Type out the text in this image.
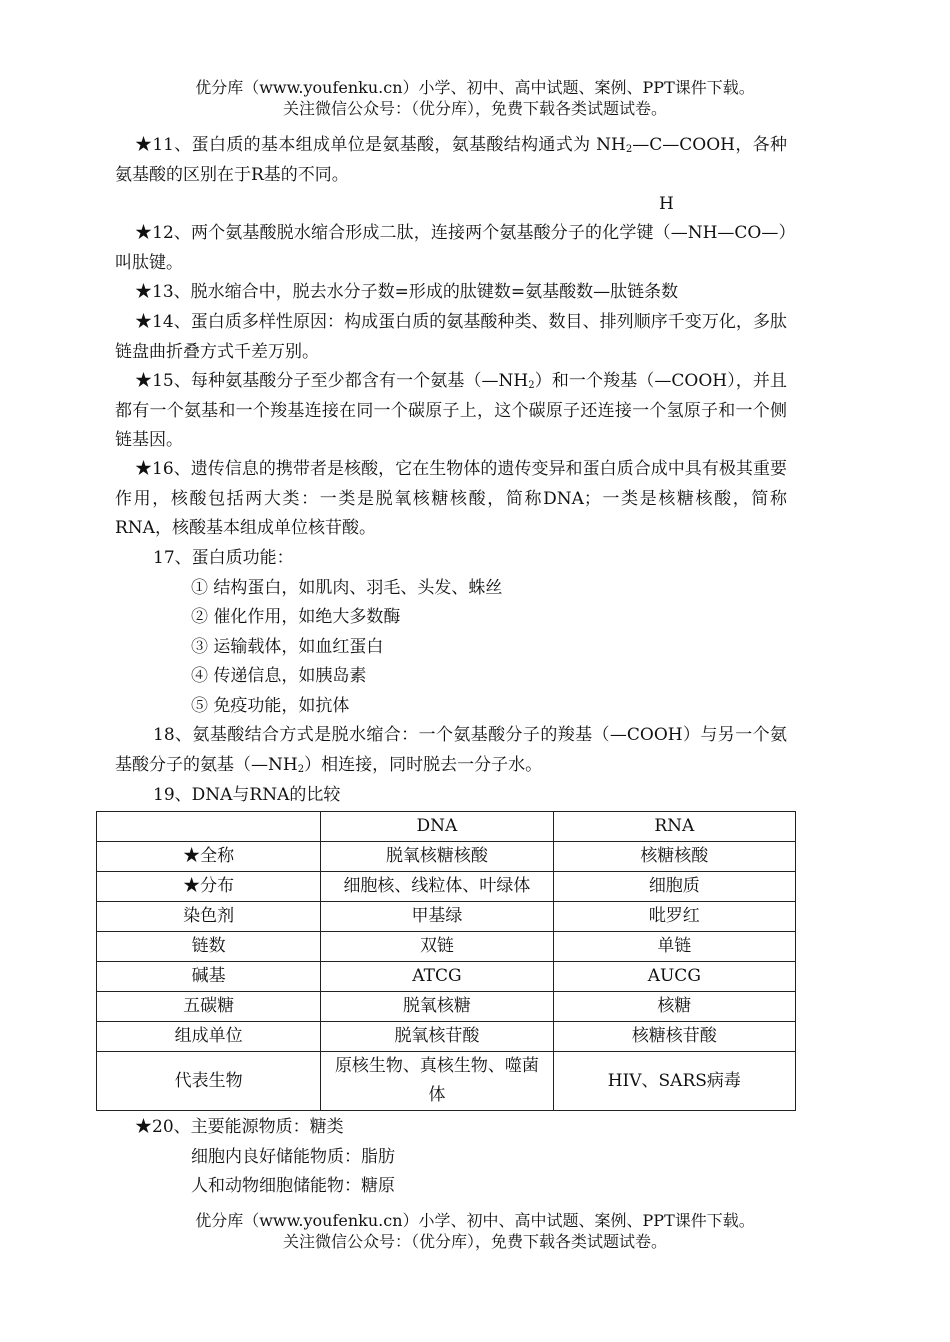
优分库（www.youfenku.cn）小学、初中、高中试题、案例、PPT课件下载。
关注微信公众号：（优分库），免费下载各类试题试卷。
★11、蛋白质的基本组成单位是氨基酸，氨基酸结构通式为 $NH_2—C—COOH$，各种氨基酸的区别在于R基的不同。
H
★12、两个氨基酸脱水缩合形成二肽，连接两个氨基酸分子的化学键（—NH—CO—）叫肽键。
★13、脱水缩合中，脱去水分子数=形成的肽键数=氨基酸数—肽链条数
★14、蛋白质多样性原因：构成蛋白质的氨基酸种类、数目、排列顺序千变万化，多肽链盘曲折叠方式千差万别。
★15、每种氨基酸分子至少都含有一个氨基$(—NH_2)$和一个羧基（—COOH），并且都有一个氨基和一个羧基连接在同一个碳原子上，这个碳原子还连接一个氢原子和一个侧链基因。
★16、遗传信息的携带者是核酸，它在生物体的遗传变异和蛋白质合成中具有极其重要作用，核酸包括两大类：一类是脱氧核糖核酸，简称DNA；一类是核糖核酸，简称RNA，核酸基本组成单位核苷酸。
17、蛋白质功能：
① 结构蛋白，如肌肉、羽毛、头发、蛛丝
② 催化作用，如绝大多数酶
③ 运输载体，如血红蛋白
④ 传递信息，如胰岛素
⑤ 免疫功能，如抗体
18、氨基酸结合方式是脱水缩合：一个氨基酸分子的羧基（—COOH）与另一个氨基酸分子的氨基$(—NH_2)$相连接，同时脱去一分子水。
19、DNA与RNA的比较
	DNA	RNA
★全称	脱氧核糖核酸	核糖核酸
★分布	细胞核、线粒体、叶绿体	细胞质
染色剂	甲基绿	吡罗红
链数	双链	单链
碱基	ATCG	AUCG
五碳糖	脱氧核糖	核糖
组成单位	脱氧核苷酸	核糖核苷酸
代表生物	原核生物、真核生物、噬菌体	HIV、SARS病毒
★20、主要能源物质：糖类
细胞内良好储能物质：脂肪
人和动物细胞储能物：糖原
优分库（www.youfenku.cn）小学、初中、高中试题、案例、PPT课件下载。
关注微信公众号：（优分库），免费下载各类试题试卷。
